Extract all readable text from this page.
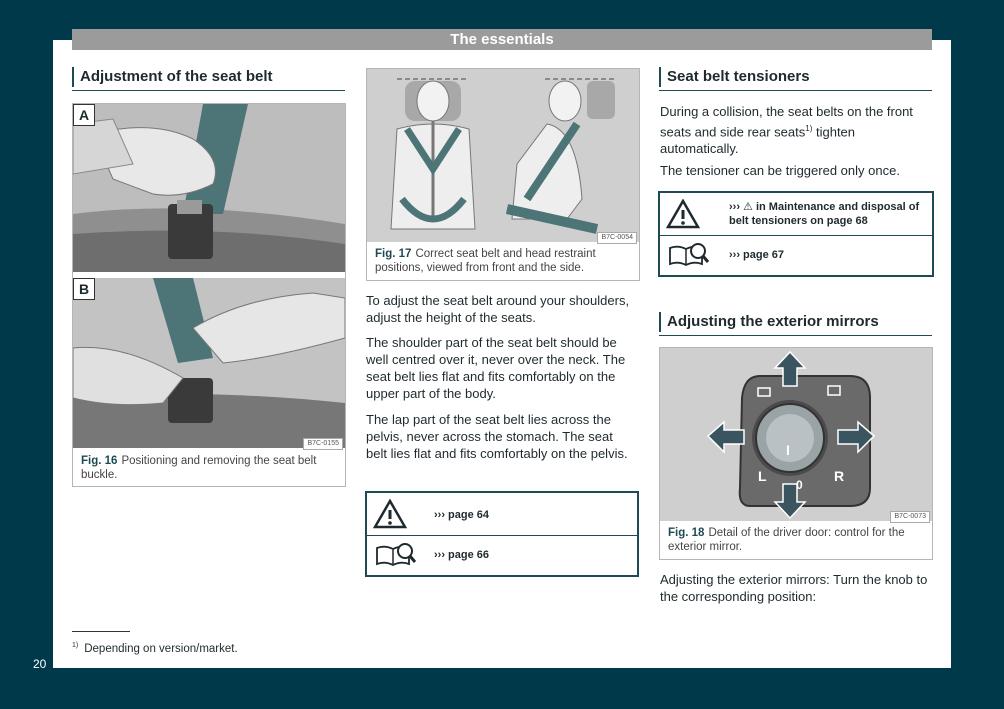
20
The essentials
Adjustment of the seat belt
A
B
B7C-0155
Fig. 16 Positioning and removing the seat belt buckle.
B7C-0054
Fig. 17 Correct seat belt and head restraint positions, viewed from front and the side.
To adjust the seat belt around your shoulders, adjust the height of the seats.
The shoulder part of the seat belt should be well centred over it, never over the neck. The seat belt lies flat and fits comfortably on the upper part of the body.
The lap part of the seat belt lies across the pelvis, never across the stomach. The seat belt lies flat and fits comfortably on the pelvis.
››› page 64
››› page 66
Seat belt tensioners
During a collision, the seat belts on the front seats and side rear seats$^{1)}$ tighten automatically.
The tensioner can be triggered only once.
››› ⚠ in Maintenance and disposal of
belt tensioners on page 68
››› page 67
Adjusting the exterior mirrors
I
L
0
R
B7C-0073
Fig. 18 Detail of the driver door: control for the exterior mirror.
Adjusting the exterior mirrors: Turn the knob to the corresponding position:
$^{1)}$ Depending on version/market.
